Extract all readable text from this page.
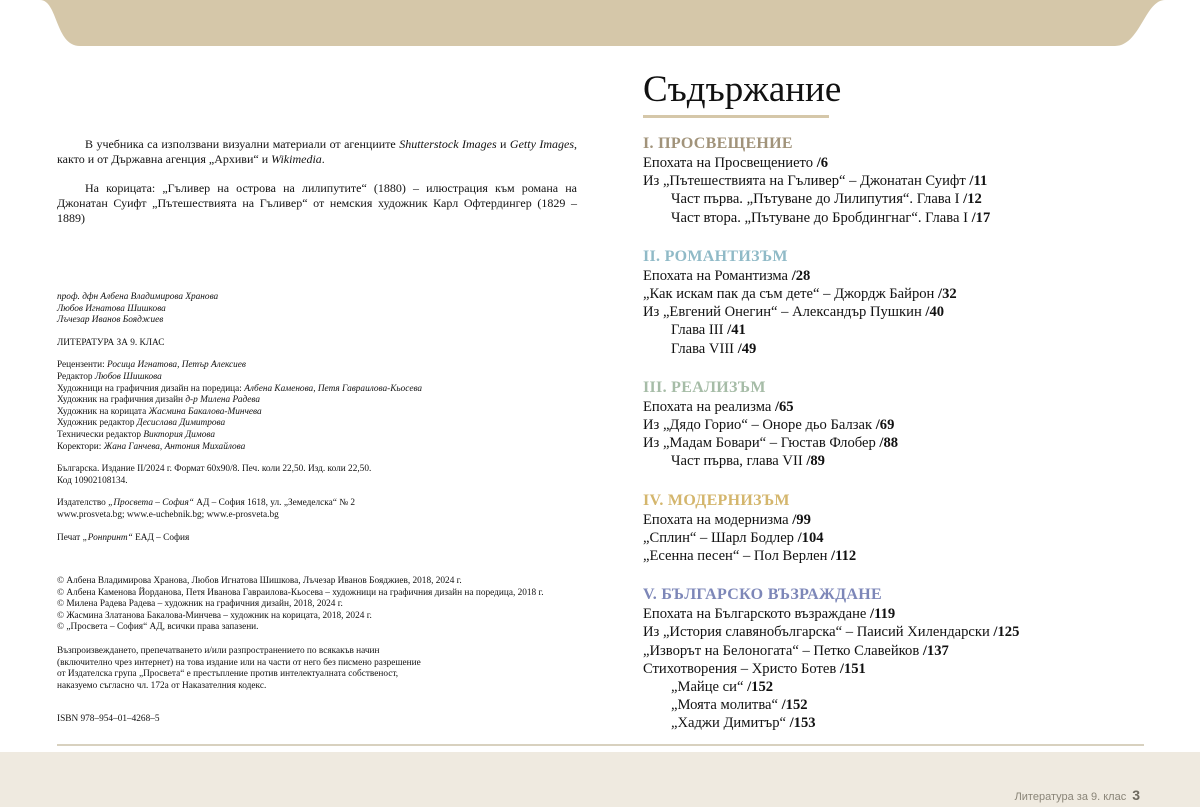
В учебника са използвани визуални материали от агенциите Shutterstock Images и Getty Images, както и от Държавна агенция „Архиви“ и Wikimedia.

На корицата: „Гъливер на острова на лилипутите“ (1880) – илюстрация към романа на Джонатан Суифт „Пътешествията на Гъливер“ от немския художник Карл Офтердингер (1829 – 1889)

проф. дфн Албена Владимирова Хранова
Любов Игнатова Шишкова
Лъчезар Иванов Бояджиев
ЛИТЕРАТУРА ЗА 9. КЛАС
Рецензенти: Росица Игнатова, Петър Алексиев
Редактор Любов Шишкова
Художници на графичния дизайн на поредица: Албена Каменова, Петя Гавраилова-Кьосева
Художник на графичния дизайн д-р Милена Радева
Художник на корицата Жасмина Бакалова-Минчева
Художник редактор Десислава Димитрова
Технически редактор Виктория Димова
Коректори: Жана Ганчева, Антония Михайлова
Българска. Издание II/2024 г. Формат 60х90/8. Печ. коли 22,50. Изд. коли 22,50.
Код 10902108134.
Издателство „Просвета – София“ АД – София 1618, ул. „Земеделска“ № 2
www.prosveta.bg; www.e-uchebnik.bg; www.e-prosveta.bg
Печат „Ронпринт“ ЕАД – София
© Албена Владимирова Хранова, Любов Игнатова Шишкова, Лъчезар Иванов Бояджиев, 2018, 2024 г.
© Албена Каменова Йорданова, Петя Иванова Гавраилова-Кьосева – художници на графичния дизайн на поредица, 2018 г.
© Милена Радева Радева – художник на графичния дизайн, 2018, 2024 г.
© Жасмина Златанова Бакалова-Минчева – художник на корицата, 2018, 2024 г.
© „Просвета – София“ АД, всички права запазени.
Възпроизвеждането, препечатването и/или разпространението по всякакъв начин
(включително чрез интернет) на това издание или на части от него без писмено разрешение
от Издателска група „Просвета“ е престъпление против интелектуалната собственост,
наказуемо съгласно чл. 172а от Наказателния кодекс.
ISBN 978–954–01–4268–5
Съдържание
I. ПРОСВЕЩЕНИЕ
Епохата на Просвещението /6
Из „Пътешествията на Гъливер“ – Джонатан Суифт /11
Част първа. „Пътуване до Лилипутия“. Глава I /12
Част втора. „Пътуване до Бробдингнаг“. Глава I /17
II. РОМАНТИЗЪМ
Епохата на Романтизма /28
„Как искам пак да съм дете“ – Джордж Байрон /32
Из „Евгений Онегин“ – Александър Пушкин /40
Глава III /41
Глава VIII /49
III. РЕАЛИЗЪМ
Епохата на реализма /65
Из „Дядо Горио“ – Оноре дьо Балзак /69
Из „Мадам Бовари“ – Гюстав Флобер /88
Част първа, глава VII /89
IV. МОДЕРНИЗЪМ
Епохата на модернизма /99
„Сплин“ – Шарл Бодлер /104
„Есенна песен“ – Пол Верлен /112
V. БЪЛГАРСКО ВЪЗРАЖДАНЕ
Епохата на Българското възраждане /119
Из „История славянобългарска“ – Паисий Хилендарски /125
„Изворът на Белоногата“ – Петко Славейков /137
Стихотворения – Христо Ботев /151
„Майце си“ /152
„Моята молитва“ /152
„Хаджи Димитър“ /153
Литература за 9. клас 3
